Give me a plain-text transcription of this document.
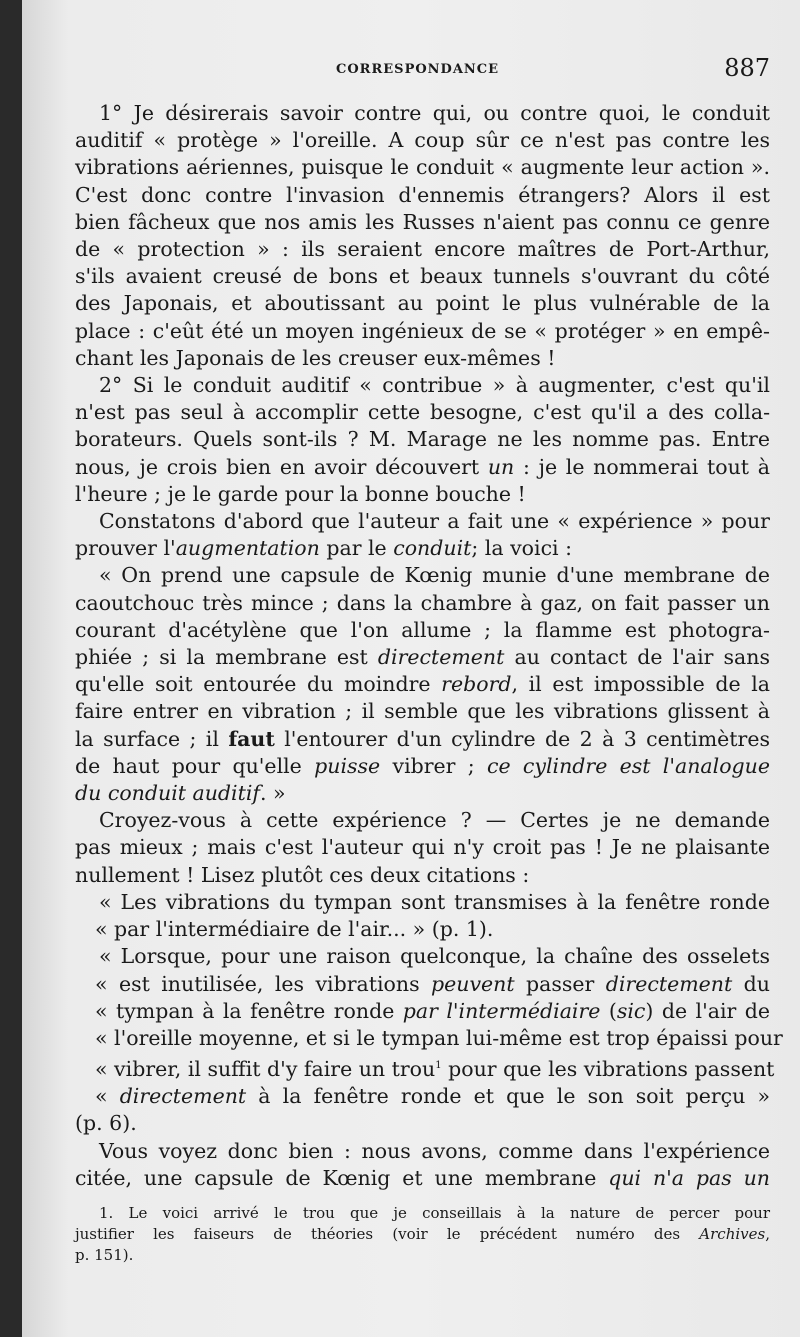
CORRESPONDANCE	887
1° Je désirerais savoir contre qui, ou contre quoi, le conduit
auditif « protège » l'oreille. A coup sûr ce n'est pas contre les
vibrations aériennes, puisque le conduit « augmente leur action ».
C'est donc contre l'invasion d'ennemis étrangers? Alors il est
bien fâcheux que nos amis les Russes n'aient pas connu ce genre
de « protection » : ils seraient encore maîtres de Port-Arthur,
s'ils avaient creusé de bons et beaux tunnels s'ouvrant du côté
des Japonais, et aboutissant au point le plus vulnérable de la
place : c'eût été un moyen ingénieux de se « protéger » en empê-
chant les Japonais de les creuser eux-mêmes !
2° Si le conduit auditif « contribue » à augmenter, c'est qu'il
n'est pas seul à accomplir cette besogne, c'est qu'il a des colla-
borateurs. Quels sont-ils ? M. Marage ne les nomme pas. Entre
nous, je crois bien en avoir découvert un : je le nommerai tout à
l'heure ; je le garde pour la bonne bouche !
Constatons d'abord que l'auteur a fait une « expérience » pour
prouver l'augmentation par le conduit; la voici :
« On prend une capsule de Kœnig munie d'une membrane de
caoutchouc très mince ; dans la chambre à gaz, on fait passer un
courant d'acétylène que l'on allume ; la flamme est photogra-
phiée ; si la membrane est directement au contact de l'air sans
qu'elle soit entourée du moindre rebord, il est impossible de la
faire entrer en vibration ; il semble que les vibrations glissent à
la surface ; il faut l'entourer d'un cylindre de 2 à 3 centimètres
de haut pour qu'elle puisse vibrer ; ce cylindre est l'analogue
du conduit auditif. »
Croyez-vous à cette expérience ? — Certes je ne demande
pas mieux ; mais c'est l'auteur qui n'y croit pas ! Je ne plaisante
nullement ! Lisez plutôt ces deux citations :
« Les vibrations du tympan sont transmises à la fenêtre ronde
« par l'intermédiaire de l'air... » (p. 1).
« Lorsque, pour une raison quelconque, la chaîne des osselets
« est inutilisée, les vibrations peuvent passer directement du
« tympan à la fenêtre ronde par l'intermédiaire (sic) de l'air de
« l'oreille moyenne, et si le tympan lui-même est trop épaissi pour
« vibrer, il suffit d'y faire un trou$^1$ pour que les vibrations passent
« directement à la fenêtre ronde et que le son soit perçu »
(p. 6).
Vous voyez donc bien : nous avons, comme dans l'expérience
citée, une capsule de Kœnig et une membrane qui n'a pas un
1. Le voici arrivé le trou que je conseillais à la nature de percer pour
justifier les faiseurs de théories (voir le précédent numéro des Archives,
p. 151).
